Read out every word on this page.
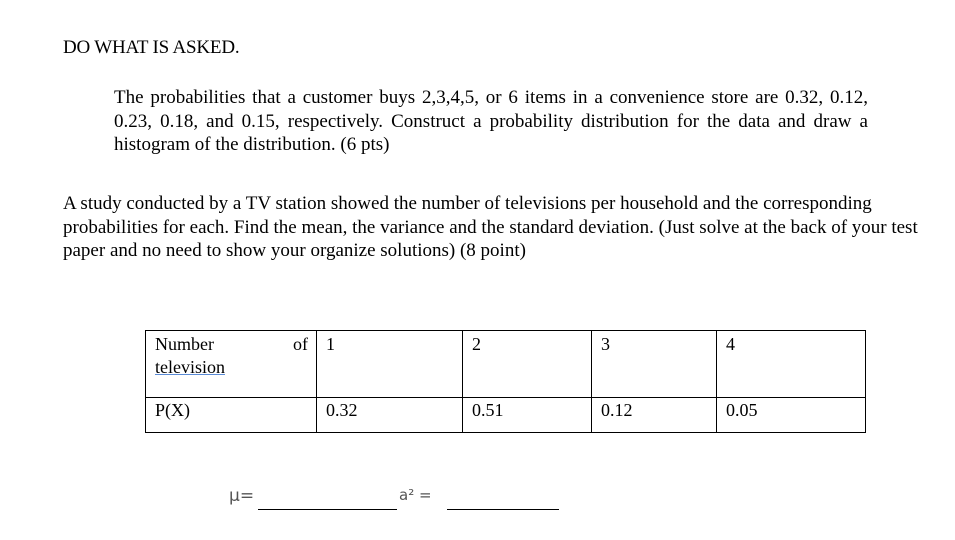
DO WHAT IS ASKED.

The probabilities that a customer buys 2,3,4,5, or 6 items in a convenience store are 0.32, 0.12, 0.23, 0.18, and 0.15, respectively. Construct a probability distribution for the data and draw a histogram of the distribution. (6 pts)

A study conducted by a TV station showed the number of televisions per household and the corresponding probabilities for each. Find the mean, the variance and the standard deviation. (Just solve at the back of your test paper and no need to show your organize solutions) (8 point)

Number of
television	1	2	3	4
P(X)	0.32	0.51	0.12	0.05
μ=	a² =
